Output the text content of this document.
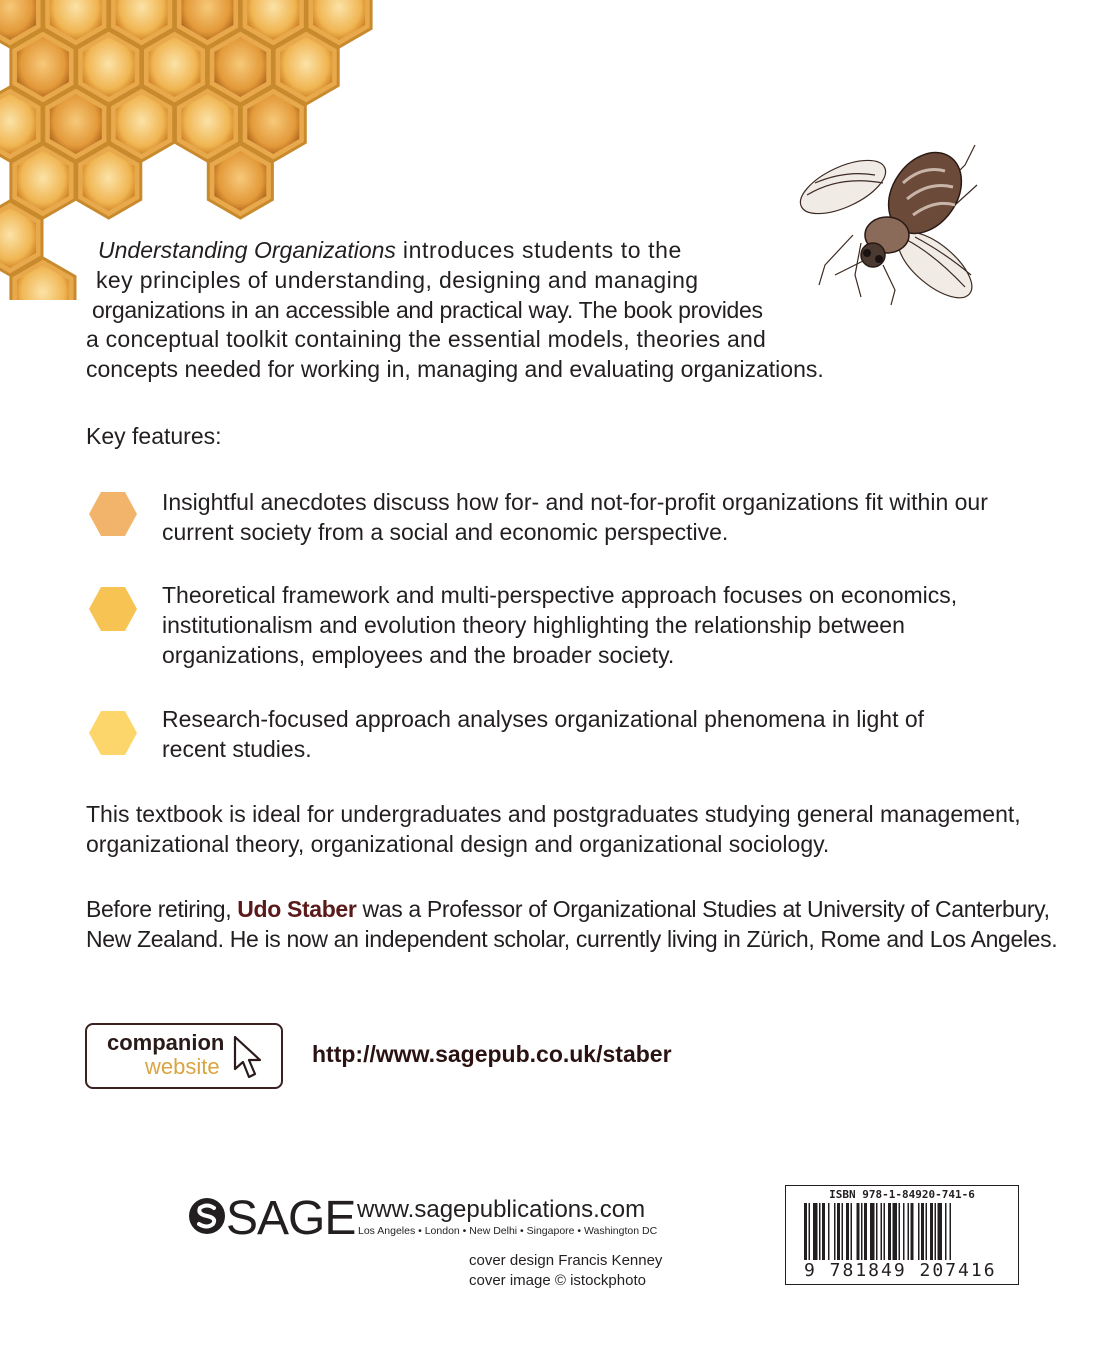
Understanding Organizations introduces students to the
key principles of understanding, designing and managing
organizations in an accessible and practical way. The book provides
a conceptual toolkit containing the essential models, theories and
concepts needed for working in, managing and evaluating organizations.

Key features:

Insightful anecdotes discuss how for- and not-for-profit organizations fit within our
current society from a social and economic perspective.

Theoretical framework and multi-perspective approach focuses on economics,
institutionalism and evolution theory highlighting the relationship between
organizations, employees and the broader society.

Research-focused approach analyses organizational phenomena in light of
recent studies.

This textbook is ideal for undergraduates and postgraduates studying general management,
organizational theory, organizational design and organizational sociology.

Before retiring, Udo Staber was a Professor of Organizational Studies at University of Canterbury,
New Zealand. He is now an independent scholar, currently living in Zürich, Rome and Los Angeles.

companion
website	http://www.sagepub.co.uk/staber
SAGE www.sagepublications.com
Los Angeles • London • New Delhi • Singapore • Washington DC
cover design Francis Kenney
cover image © istockphoto
ISBN 978-1-84920-741-6
9 781849 207416
